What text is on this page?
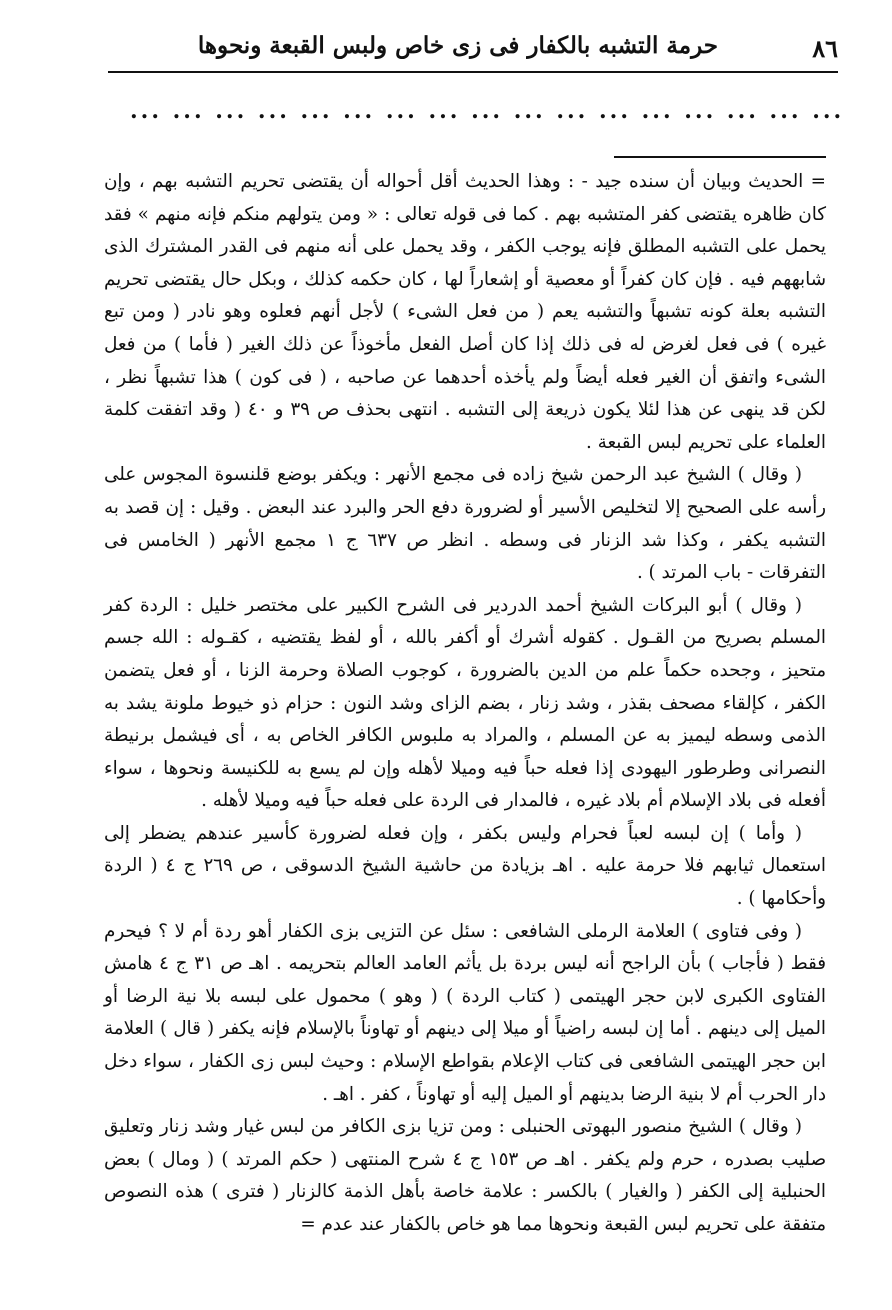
حرمة التشبه بالكفار فى زى خاص ولبس القبعة ونحوها	٨٦
... ... ... ... ... ... ... ... ... ... ... ... ... ... ... ... ...

= الحديث وبيان أن سنده جيد - : وهذا الحديث أقل أحواله أن يقتضى تحريم التشبه بهم ، وإن كان ظاهره يقتضى كفر المتشبه بهم . كما فى قوله تعالى : « ومن يتولهم منكم فإنه منهم » فقد يحمل على التشبه المطلق فإنه يوجب الكفر ، وقد يحمل على أنه منهم فى القدر المشترك الذى شابههم فيه . فإن كان كفراً أو معصية أو إشعاراً لها ، كان حكمه كذلك ، وبكل حال يقتضى تحريم التشبه بعلة كونه تشبهاً والتشبه يعم ( من فعل الشىء ) لأجل أنهم فعلوه وهو نادر ( ومن تبع غيره ) فى فعل لغرض له فى ذلك إذا كان أصل الفعل مأخوذاً عن ذلك الغير ( فأما ) من فعل الشىء واتفق أن الغير فعله أيضاً ولم يأخذه أحدهما عن صاحبه ، ( فى كون ) هذا تشبهاً نظر ، لكن قد ينهى عن هذا لئلا يكون ذريعة إلى التشبه . انتهى بحذف ص ٣٩ و ٤٠ ( وقد اتفقت كلمة العلماء على تحريم لبس القبعة .

( وقال ) الشيخ عبد الرحمن شيخ زاده فى مجمع الأنهر : ويكفر بوضع قلنسوة المجوس على رأسه على الصحيح إلا لتخليص الأسير أو لضرورة دفع الحر والبرد عند البعض . وقيل : إن قصد به التشبه يكفر ، وكذا شد الزنار فى وسطه . انظر ص ٦٣٧ ج ١ مجمع الأنهر ( الخامس فى التفرقات - باب المرتد ) .

( وقال ) أبو البركات الشيخ أحمد الدردير فى الشرح الكبير على مختصر خليل : الردة كفر المسلم بصريح من القـول . كقوله أشرك أو أكفر بالله ، أو لفظ يقتضيه ، كقـوله : الله جسم متحيز ، وجحده حكماً علم من الدين بالضرورة ، كوجوب الصلاة وحرمة الزنا ، أو فعل يتضمن الكفر ، كإلقاء مصحف بقذر ، وشد زنار ، بضم الزاى وشد النون : حزام ذو خيوط ملونة يشد به الذمى وسطه ليميز به عن المسلم ، والمراد به ملبوس الكافر الخاص به ، أى فيشمل برنيطة النصرانى وطرطور اليهودى إذا فعله حباً فيه وميلا لأهله وإن لم يسع به للكنيسة ونحوها ، سواء أفعله فى بلاد الإسلام أم بلاد غيره ، فالمدار فى الردة على فعله حباً فيه وميلا لأهله .

( وأما ) إن لبسه لعباً فحرام وليس بكفر ، وإن فعله لضرورة كأسير عندهم يضطر إلى استعمال ثيابهم فلا حرمة عليه . اهـ بزيادة من حاشية الشيخ الدسوقى ، ص ٢٦٩ ج ٤ ( الردة وأحكامها ) .

( وفى فتاوى ) العلامة الرملى الشافعى : سئل عن التزيى بزى الكفار أهو ردة أم لا ؟ فيحرم فقط ( فأجاب ) بأن الراجح أنه ليس بردة بل يأثم العامد العالم بتحريمه . اهـ ص ٣١ ج ٤ هامش الفتاوى الكبرى لابن حجر الهيتمى ( كتاب الردة ) ( وهو ) محمول على لبسه بلا نية الرضا أو الميل إلى دينهم . أما إن لبسه راضياً أو ميلا إلى دينهم أو تهاوناً بالإسلام فإنه يكفر ( قال ) العلامة ابن حجر الهيتمى الشافعى فى كتاب الإعلام بقواطع الإسلام : وحيث لبس زى الكفار ، سواء دخل دار الحرب أم لا بنية الرضا بدينهم أو الميل إليه أو تهاوناً ، كفر . اهـ .

( وقال ) الشيخ منصور البهوتى الحنبلى : ومن تزيا بزى الكافر من لبس غيار وشد زنار وتعليق صليب بصدره ، حرم ولم يكفر . اهـ ص ١٥٣ ج ٤ شرح المنتهى ( حكم المرتد ) ( ومال ) بعض الحنبلية إلى الكفر ( والغيار ) بالكسر : علامة خاصة بأهل الذمة كالزنار ( فترى ) هذه النصوص متفقة على تحريم لبس القبعة ونحوها مما هو خاص بالكفار عند عدم =
